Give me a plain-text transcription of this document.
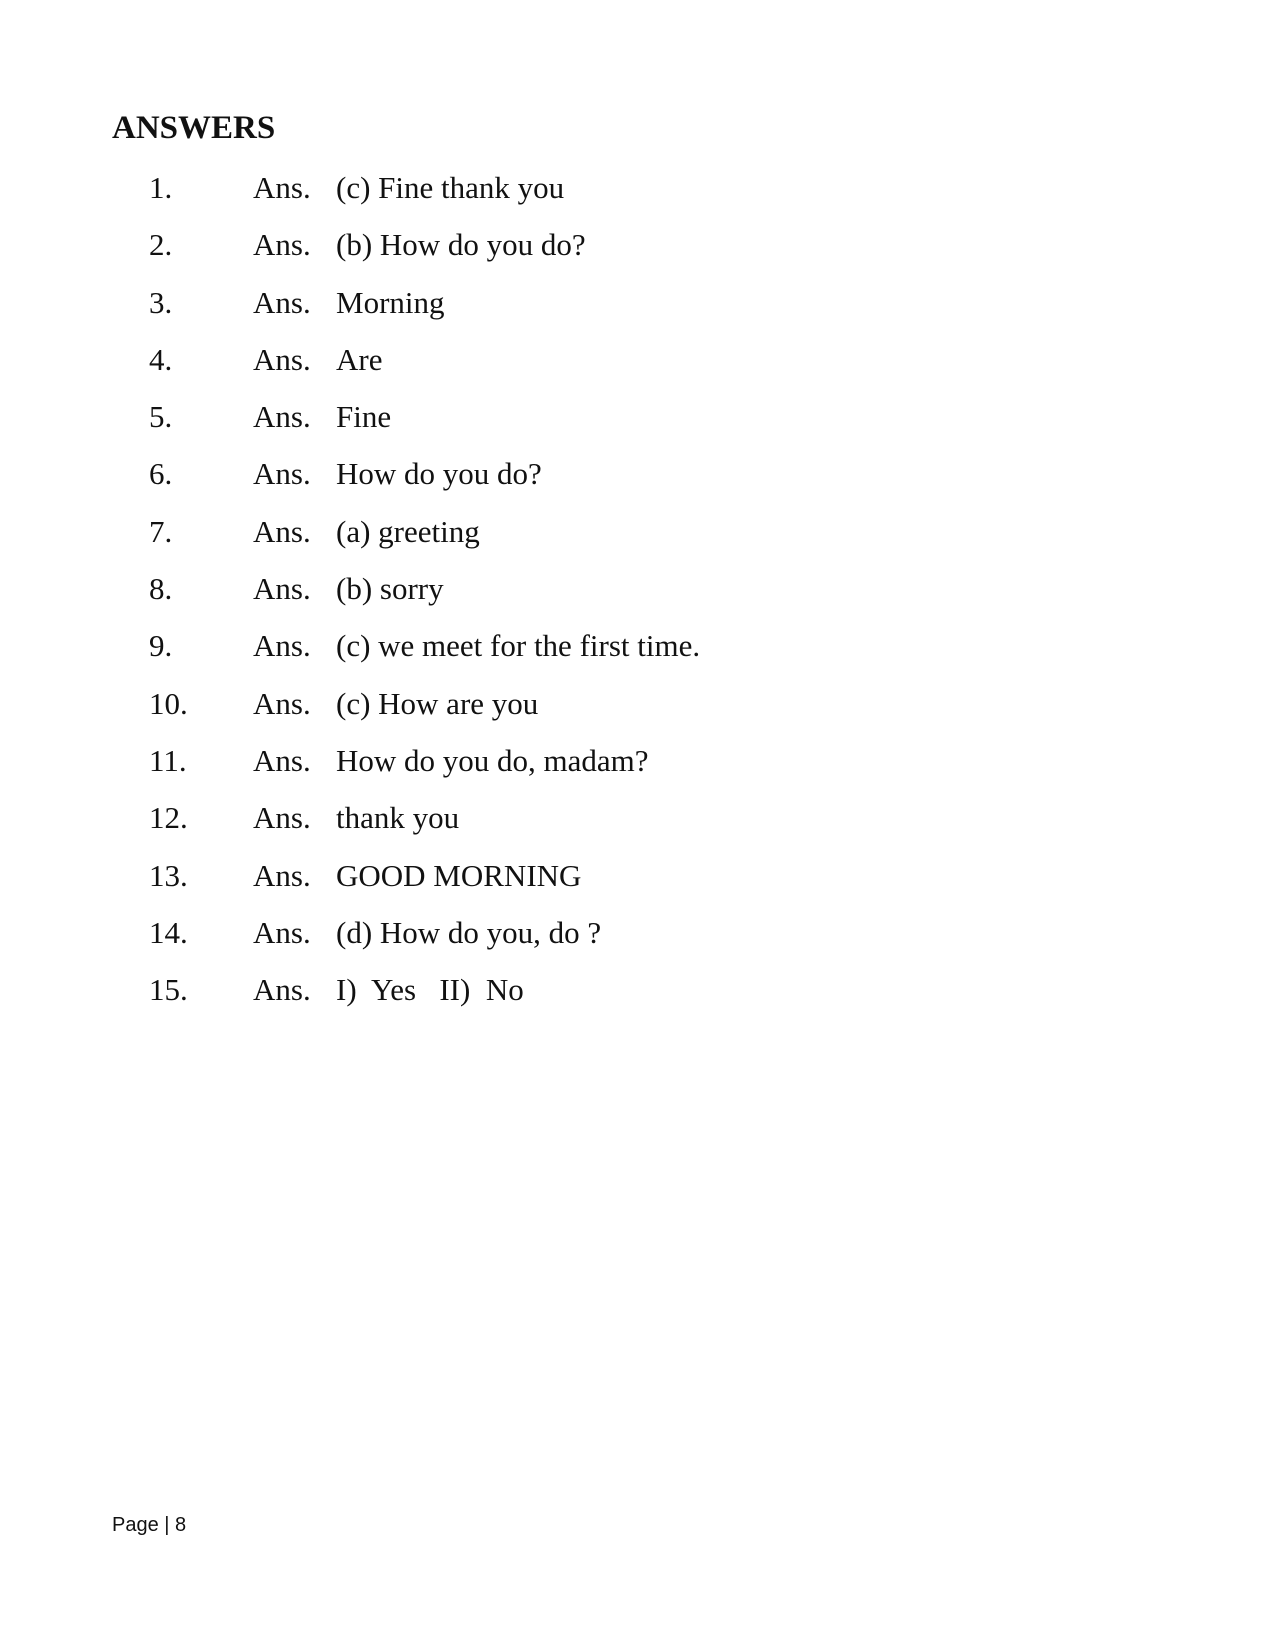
ANSWERS
1.	Ans. (c) Fine thank you
2.	Ans. (b) How do you do?
3.	Ans. Morning
4.	Ans. Are
5.	Ans. Fine
6.	Ans. How do you do?
7.	Ans. (a) greeting
8.	Ans. (b) sorry
9.	Ans. (c) we meet for the first time.
10. Ans. (c) How are you
11. Ans. How do you do, madam?
12. Ans. thank you
13. Ans. GOOD MORNING
14. Ans. (d) How do you, do ?
15. Ans. I)  Yes   II)  No
Page | 8
